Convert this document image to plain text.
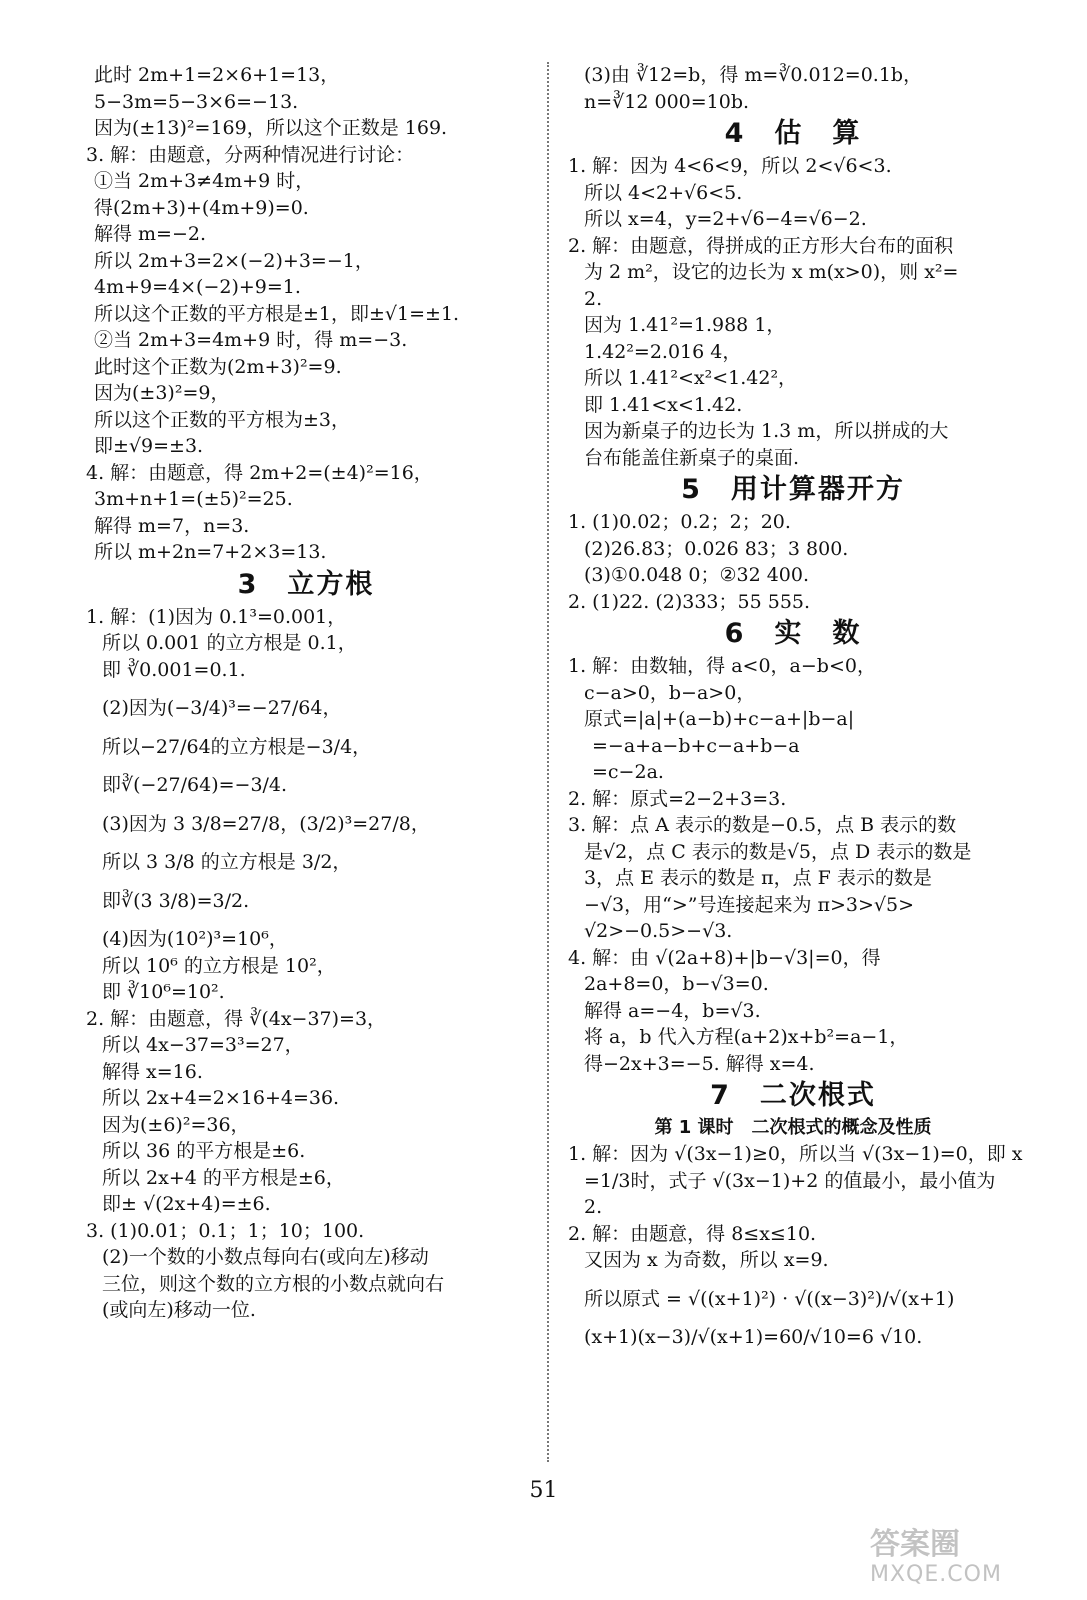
此时 2m+1=2×6+1=13，
5−3m=5−3×6=−13.
因为(±13)²=169，所以这个正数是 169.
3. 解：由题意，分两种情况进行讨论：
①当 2m+3≠4m+9 时，
得(2m+3)+(4m+9)=0.
解得 m=−2.
所以 2m+3=2×(−2)+3=−1，
4m+9=4×(−2)+9=1.
所以这个正数的平方根是±1，即±√1=±1.
②当 2m+3=4m+9 时，得 m=−3.
此时这个正数为(2m+3)²=9.
因为(±3)²=9，
所以这个正数的平方根为±3，
即±√9=±3.
4. 解：由题意，得 2m+2=(±4)²=16，
3m+n+1=(±5)²=25.
解得 m=7，n=3.
所以 m+2n=7+2×3=13.
3　立方根
1. 解：(1)因为 0.1³=0.001，
所以 0.001 的立方根是 0.1，
即 ∛0.001=0.1.
(2)因为(−3/4)³=−27/64，
所以−27/64的立方根是−3/4，
即∛(−27/64)=−3/4.
(3)因为 3 3/8=27/8，(3/2)³=27/8，
所以 3 3/8 的立方根是 3/2，
即∛(3 3/8)=3/2.
(4)因为(10²)³=10⁶，
所以 10⁶ 的立方根是 10²，
即 ∛10⁶=10².
2. 解：由题意，得 ∛(4x−37)=3，
所以 4x−37=3³=27，
解得 x=16.
所以 2x+4=2×16+4=36.
因为(±6)²=36，
所以 36 的平方根是±6.
所以 2x+4 的平方根是±6，
即± √(2x+4)=±6.
3. (1)0.01；0.1；1；10；100.
(2)一个数的小数点每向右(或向左)移动
三位，则这个数的立方根的小数点就向右
(或向左)移动一位.
(3)由 ∛12=b，得 m=∛0.012=0.1b，
n=∛12 000=10b.
4　估　算
1. 解：因为 4<6<9，所以 2<√6<3.
所以 4<2+√6<5.
所以 x=4，y=2+√6−4=√6−2.
2. 解：由题意，得拼成的正方形大台布的面积
为 2 m²，设它的边长为 x m(x>0)，则 x²=
2.
因为 1.41²=1.988 1，
1.42²=2.016 4，
所以 1.41²<x²<1.42²，
即 1.41<x<1.42.
因为新桌子的边长为 1.3 m，所以拼成的大
台布能盖住新桌子的桌面.
5　用计算器开方
1. (1)0.02；0.2；2；20.
(2)26.83；0.026 83；3 800.
(3)①0.048 0；②32 400.
2. (1)22. (2)333；55 555.
6　实　数
1. 解：由数轴，得 a<0，a−b<0，
c−a>0，b−a>0，
原式=|a|+(a−b)+c−a+|b−a|
=−a+a−b+c−a+b−a
=c−2a.
2. 解：原式=2−2+3=3.
3. 解：点 A 表示的数是−0.5，点 B 表示的数
是√2，点 C 表示的数是√5，点 D 表示的数是
3，点 E 表示的数是 π，点 F 表示的数是
−√3，用“>”号连接起来为 π>3>√5>
√2>−0.5>−√3.
4. 解：由 √(2a+8)+|b−√3|=0，得
2a+8=0，b−√3=0.
解得 a=−4，b=√3.
将 a，b 代入方程(a+2)x+b²=a−1，
得−2x+3=−5. 解得 x=4.
7　二次根式
第 1 课时　二次根式的概念及性质
1. 解：因为 √(3x−1)≥0，所以当 √(3x−1)=0，即 x
=1/3时，式子 √(3x−1)+2 的值最小，最小值为
2.
2. 解：由题意，得 8≤x≤10.
又因为 x 为奇数，所以 x=9.
所以原式 = √((x+1)²) · √((x−3)²)/√(x+1)
(x+1)(x−3)/√(x+1)=60/√10=6 √10.
51
答案圈
MXQE.COM
